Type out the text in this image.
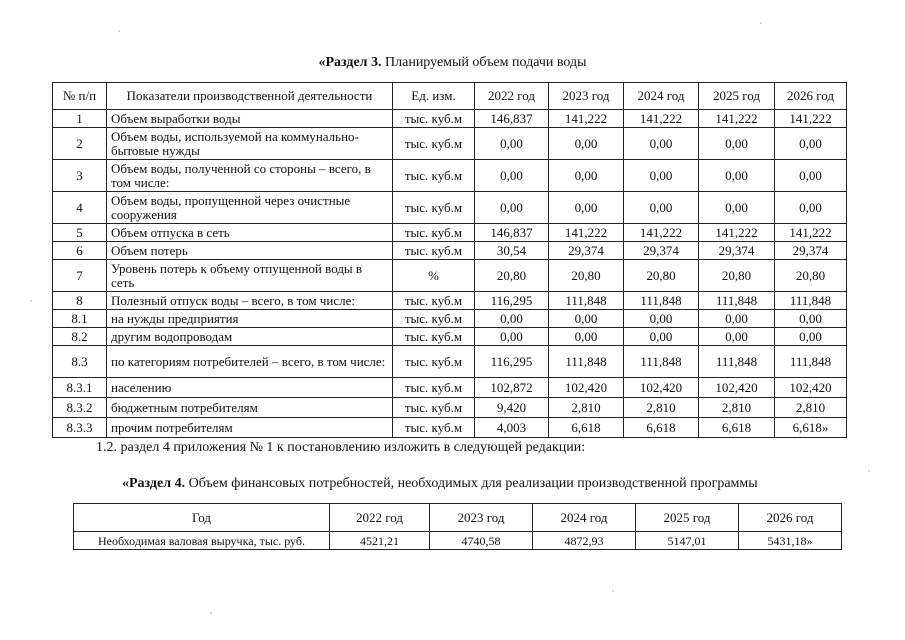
«Раздел 3. Планируемый объем подачи воды
№ п/п	Показатели производственной деятельности	Ед. изм.	2022 год	2023 год	2024 год	2025 год	2026 год
1	Объем выработки воды	тыс. куб.м	146,837	141,222	141,222	141,222	141,222
2	Объем воды, используемой на коммунально-бытовые нужды	тыс. куб.м	0,00	0,00	0,00	0,00	0,00
3	Объем воды, полученной со стороны – всего, в том числе:	тыс. куб.м	0,00	0,00	0,00	0,00	0,00
4	Объем воды, пропущенной через очистные сооружения	тыс. куб.м	0,00	0,00	0,00	0,00	0,00
5	Объем отпуска в сеть	тыс. куб.м	146,837	141,222	141,222	141,222	141,222
6	Объем потерь	тыс. куб.м	30,54	29,374	29,374	29,374	29,374
7	Уровень потерь к объему отпущенной воды в сеть	%	20,80	20,80	20,80	20,80	20,80
8	Полезный отпуск воды – всего, в том числе:	тыс. куб.м	116,295	111,848	111,848	111,848	111,848
8.1	на нужды предприятия	тыс. куб.м	0,00	0,00	0,00	0,00	0,00
8.2	другим водопроводам	тыс. куб.м	0,00	0,00	0,00	0,00	0,00
8.3	по категориям потребителей – всего, в том числе:	тыс. куб.м	116,295	111,848	111,848	111,848	111,848
8.3.1	населению	тыс. куб.м	102,872	102,420	102,420	102,420	102,420
8.3.2	бюджетным потребителям	тыс. куб.м	9,420	2,810	2,810	2,810	2,810
8.3.3	прочим потребителям	тыс. куб.м	4,003	6,618	6,618	6,618	6,618»
1.2. раздел 4 приложения № 1 к постановлению изложить в следующей редакции:
«Раздел 4. Объем финансовых потребностей, необходимых для реализации производственной программы
Год	2022 год	2023 год	2024 год	2025 год	2026 год
Необходимая валовая выручка, тыс. руб.	4521,21	4740,58	4872,93	5147,01	5431,18»
